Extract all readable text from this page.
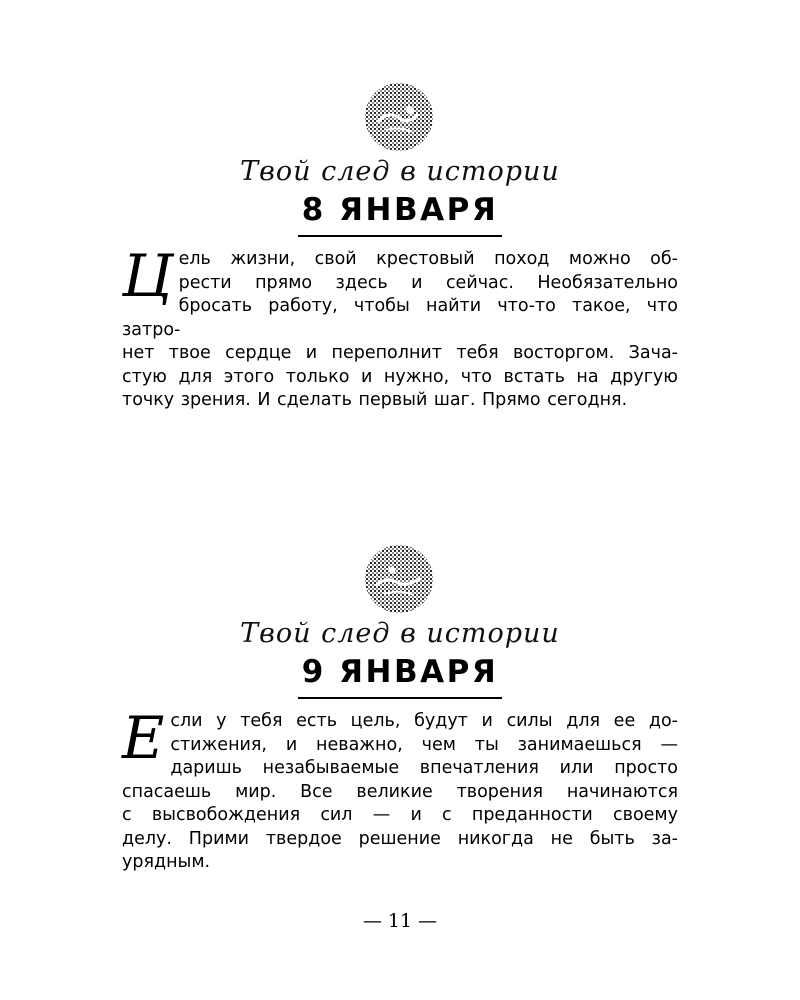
Твой след в истории
8 ЯНВАРЯ
Ц ель жизни, свой крестовый поход можно об-
рести прямо здесь и сейчас. Необязательно
бросать работу, чтобы найти что-то такое, что затро-
нет твое сердце и переполнит тебя восторгом. Зача-
стую для этого только и нужно, что встать на другую
точку зрения. И сделать первый шаг. Прямо сегодня.
Твой след в истории
9 ЯНВАРЯ
Е сли у тебя есть цель, будут и силы для ее до-
стижения, и неважно, чем ты занимаешься —
даришь незабываемые впечатления или просто
спасаешь мир. Все великие творения начинаются
с высвобождения сил — и с преданности своему
делу. Прими твердое решение никогда не быть за-
урядным.
— 11 —
